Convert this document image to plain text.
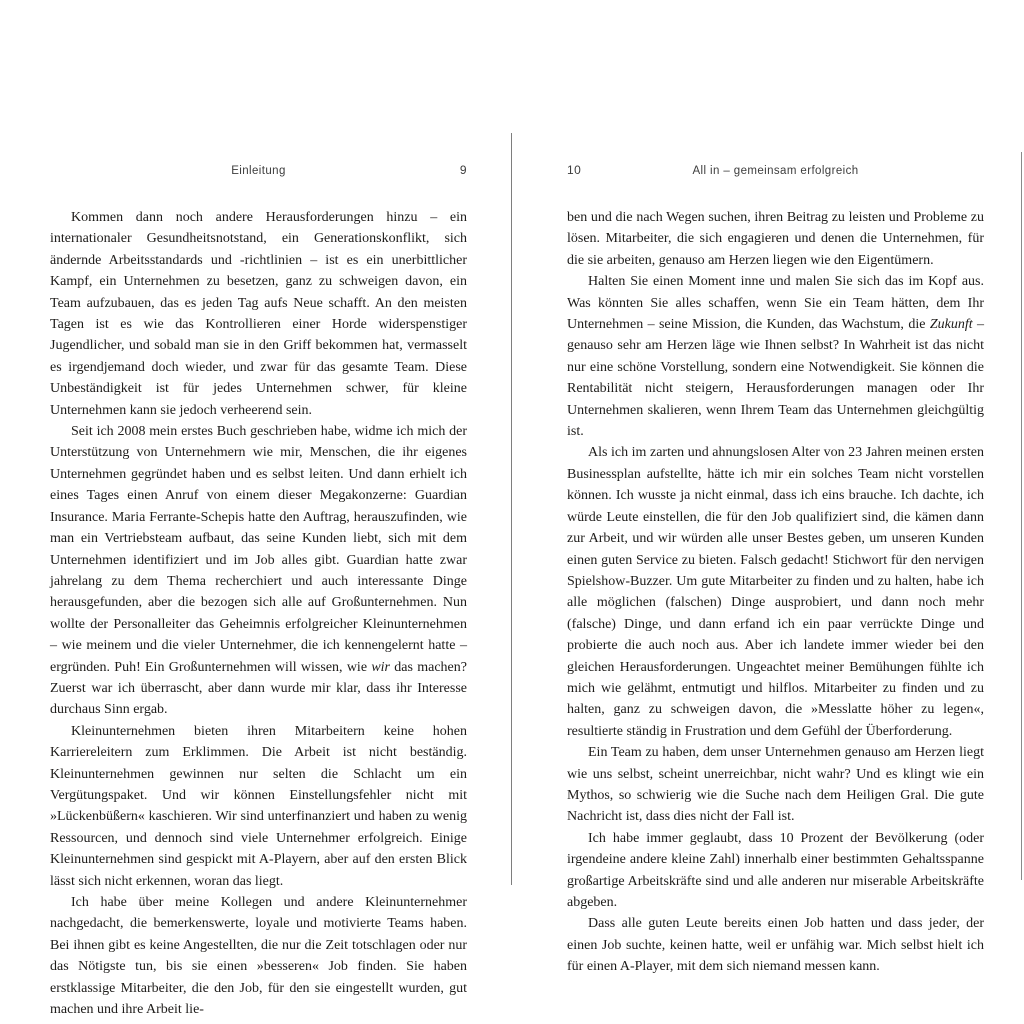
Einleitung	9

Kommen dann noch andere Herausforderungen hinzu – ein internationaler Gesundheitsnotstand, ein Generationskonflikt, sich ändernde Arbeitsstandards und -richtlinien – ist es ein unerbittlicher Kampf, ein Unternehmen zu besetzen, ganz zu schweigen davon, ein Team aufzubauen, das es jeden Tag aufs Neue schafft. An den meisten Tagen ist es wie das Kontrollieren einer Horde widerspenstiger Jugendlicher, und sobald man sie in den Griff bekommen hat, vermasselt es irgendjemand doch wieder, und zwar für das gesamte Team. Diese Unbeständigkeit ist für jedes Unternehmen schwer, für kleine Unternehmen kann sie jedoch verheerend sein.

Seit ich 2008 mein erstes Buch geschrieben habe, widme ich mich der Unterstützung von Unternehmern wie mir, Menschen, die ihr eigenes Unternehmen gegründet haben und es selbst leiten. Und dann erhielt ich eines Tages einen Anruf von einem dieser Megakonzerne: Guardian Insurance. Maria Ferrante-Schepis hatte den Auftrag, herauszufinden, wie man ein Vertriebsteam aufbaut, das seine Kunden liebt, sich mit dem Unternehmen identifiziert und im Job alles gibt. Guardian hatte zwar jahrelang zu dem Thema recherchiert und auch interessante Dinge herausgefunden, aber die bezogen sich alle auf Großunternehmen. Nun wollte der Personalleiter das Geheimnis erfolgreicher Kleinunternehmen – wie meinem und die vieler Unternehmer, die ich kennengelernt hatte – ergründen. Puh! Ein Großunternehmen will wissen, wie wir das machen? Zuerst war ich überrascht, aber dann wurde mir klar, dass ihr Interesse durchaus Sinn ergab.

Kleinunternehmen bieten ihren Mitarbeitern keine hohen Karriereleitern zum Erklimmen. Die Arbeit ist nicht beständig. Kleinunternehmen gewinnen nur selten die Schlacht um ein Vergütungspaket. Und wir können Einstellungsfehler nicht mit »Lückenbüßern« kaschieren. Wir sind unterfinanziert und haben zu wenig Ressourcen, und dennoch sind viele Unternehmer erfolgreich. Einige Kleinunternehmen sind gespickt mit A-Playern, aber auf den ersten Blick lässt sich nicht erkennen, woran das liegt.

Ich habe über meine Kollegen und andere Kleinunternehmer nachgedacht, die bemerkenswerte, loyale und motivierte Teams haben. Bei ihnen gibt es keine Angestellten, die nur die Zeit totschlagen oder nur das Nötigste tun, bis sie einen »besseren« Job finden. Sie haben erstklassige Mitarbeiter, die den Job, für den sie eingestellt wurden, gut machen und ihre Arbeit lie-

10	All in – gemeinsam erfolgreich

ben und die nach Wegen suchen, ihren Beitrag zu leisten und Probleme zu lösen. Mitarbeiter, die sich engagieren und denen die Unternehmen, für die sie arbeiten, genauso am Herzen liegen wie den Eigentümern.

Halten Sie einen Moment inne und malen Sie sich das im Kopf aus. Was könnten Sie alles schaffen, wenn Sie ein Team hätten, dem Ihr Unternehmen – seine Mission, die Kunden, das Wachstum, die Zukunft – genauso sehr am Herzen läge wie Ihnen selbst? In Wahrheit ist das nicht nur eine schöne Vorstellung, sondern eine Notwendigkeit. Sie können die Rentabilität nicht steigern, Herausforderungen managen oder Ihr Unternehmen skalieren, wenn Ihrem Team das Unternehmen gleichgültig ist.

Als ich im zarten und ahnungslosen Alter von 23 Jahren meinen ersten Businessplan aufstellte, hätte ich mir ein solches Team nicht vorstellen können. Ich wusste ja nicht einmal, dass ich eins brauche. Ich dachte, ich würde Leute einstellen, die für den Job qualifiziert sind, die kämen dann zur Arbeit, und wir würden alle unser Bestes geben, um unseren Kunden einen guten Service zu bieten. Falsch gedacht! Stichwort für den nervigen Spielshow-Buzzer. Um gute Mitarbeiter zu finden und zu halten, habe ich alle möglichen (falschen) Dinge ausprobiert, und dann noch mehr (falsche) Dinge, und dann erfand ich ein paar verrückte Dinge und probierte die auch noch aus. Aber ich landete immer wieder bei den gleichen Herausforderungen. Ungeachtet meiner Bemühungen fühlte ich mich wie gelähmt, entmutigt und hilflos. Mitarbeiter zu finden und zu halten, ganz zu schweigen davon, die »Messlatte höher zu legen«, resultierte ständig in Frustration und dem Gefühl der Überforderung.

Ein Team zu haben, dem unser Unternehmen genauso am Herzen liegt wie uns selbst, scheint unerreichbar, nicht wahr? Und es klingt wie ein Mythos, so schwierig wie die Suche nach dem Heiligen Gral. Die gute Nachricht ist, dass dies nicht der Fall ist.

Ich habe immer geglaubt, dass 10 Prozent der Bevölkerung (oder irgendeine andere kleine Zahl) innerhalb einer bestimmten Gehaltsspanne großartige Arbeitskräfte sind und alle anderen nur miserable Arbeitskräfte abgeben.

Dass alle guten Leute bereits einen Job hatten und dass jeder, der einen Job suchte, keinen hatte, weil er unfähig war. Mich selbst hielt ich für einen A-Player, mit dem sich niemand messen kann.
